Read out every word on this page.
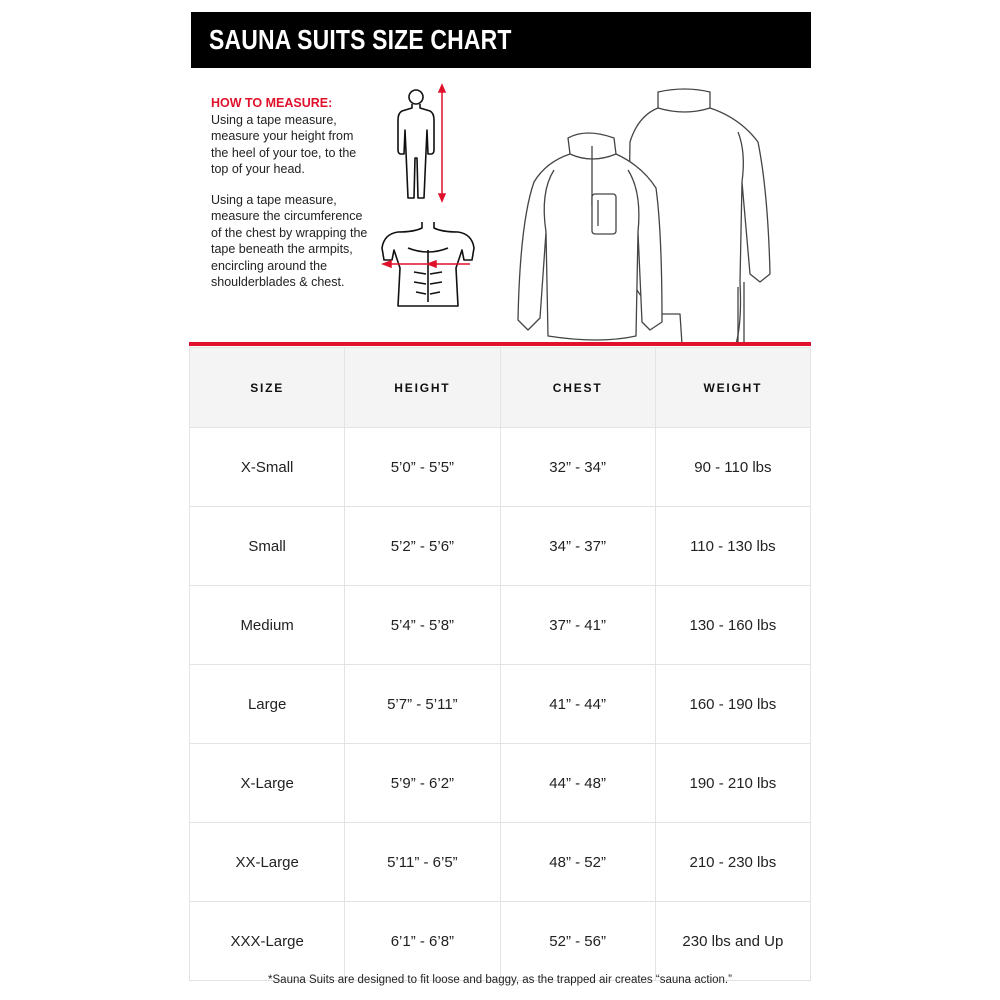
SAUNA SUITS SIZE CHART

HOW TO MEASURE:
Using a tape measure, measure your height from the heel of your toe, to the top of your head.

Using a tape measure, measure the circumference of the chest by wrapping the tape beneath the armpits, encircling around the shoulderblades & chest.

SIZE	HEIGHT	CHEST	WEIGHT
X-Small	5’0” - 5’5”	32” - 34”	90 - 110 lbs
Small	5’2” - 5’6”	34” - 37”	110 - 130 lbs
Medium	5’4” - 5’8”	37” - 41”	130 - 160 lbs
Large	5’7” - 5’11”	41” - 44”	160 - 190 lbs
X-Large	5’9” - 6’2”	44” - 48”	190 - 210 lbs
XX-Large	5’11” - 6’5”	48” - 52”	210 - 230 lbs
XXX-Large	6’1” - 6’8”	52” - 56”	230 lbs and Up
*Sauna Suits are designed to fit loose and baggy, as the trapped air creates “sauna action.”
